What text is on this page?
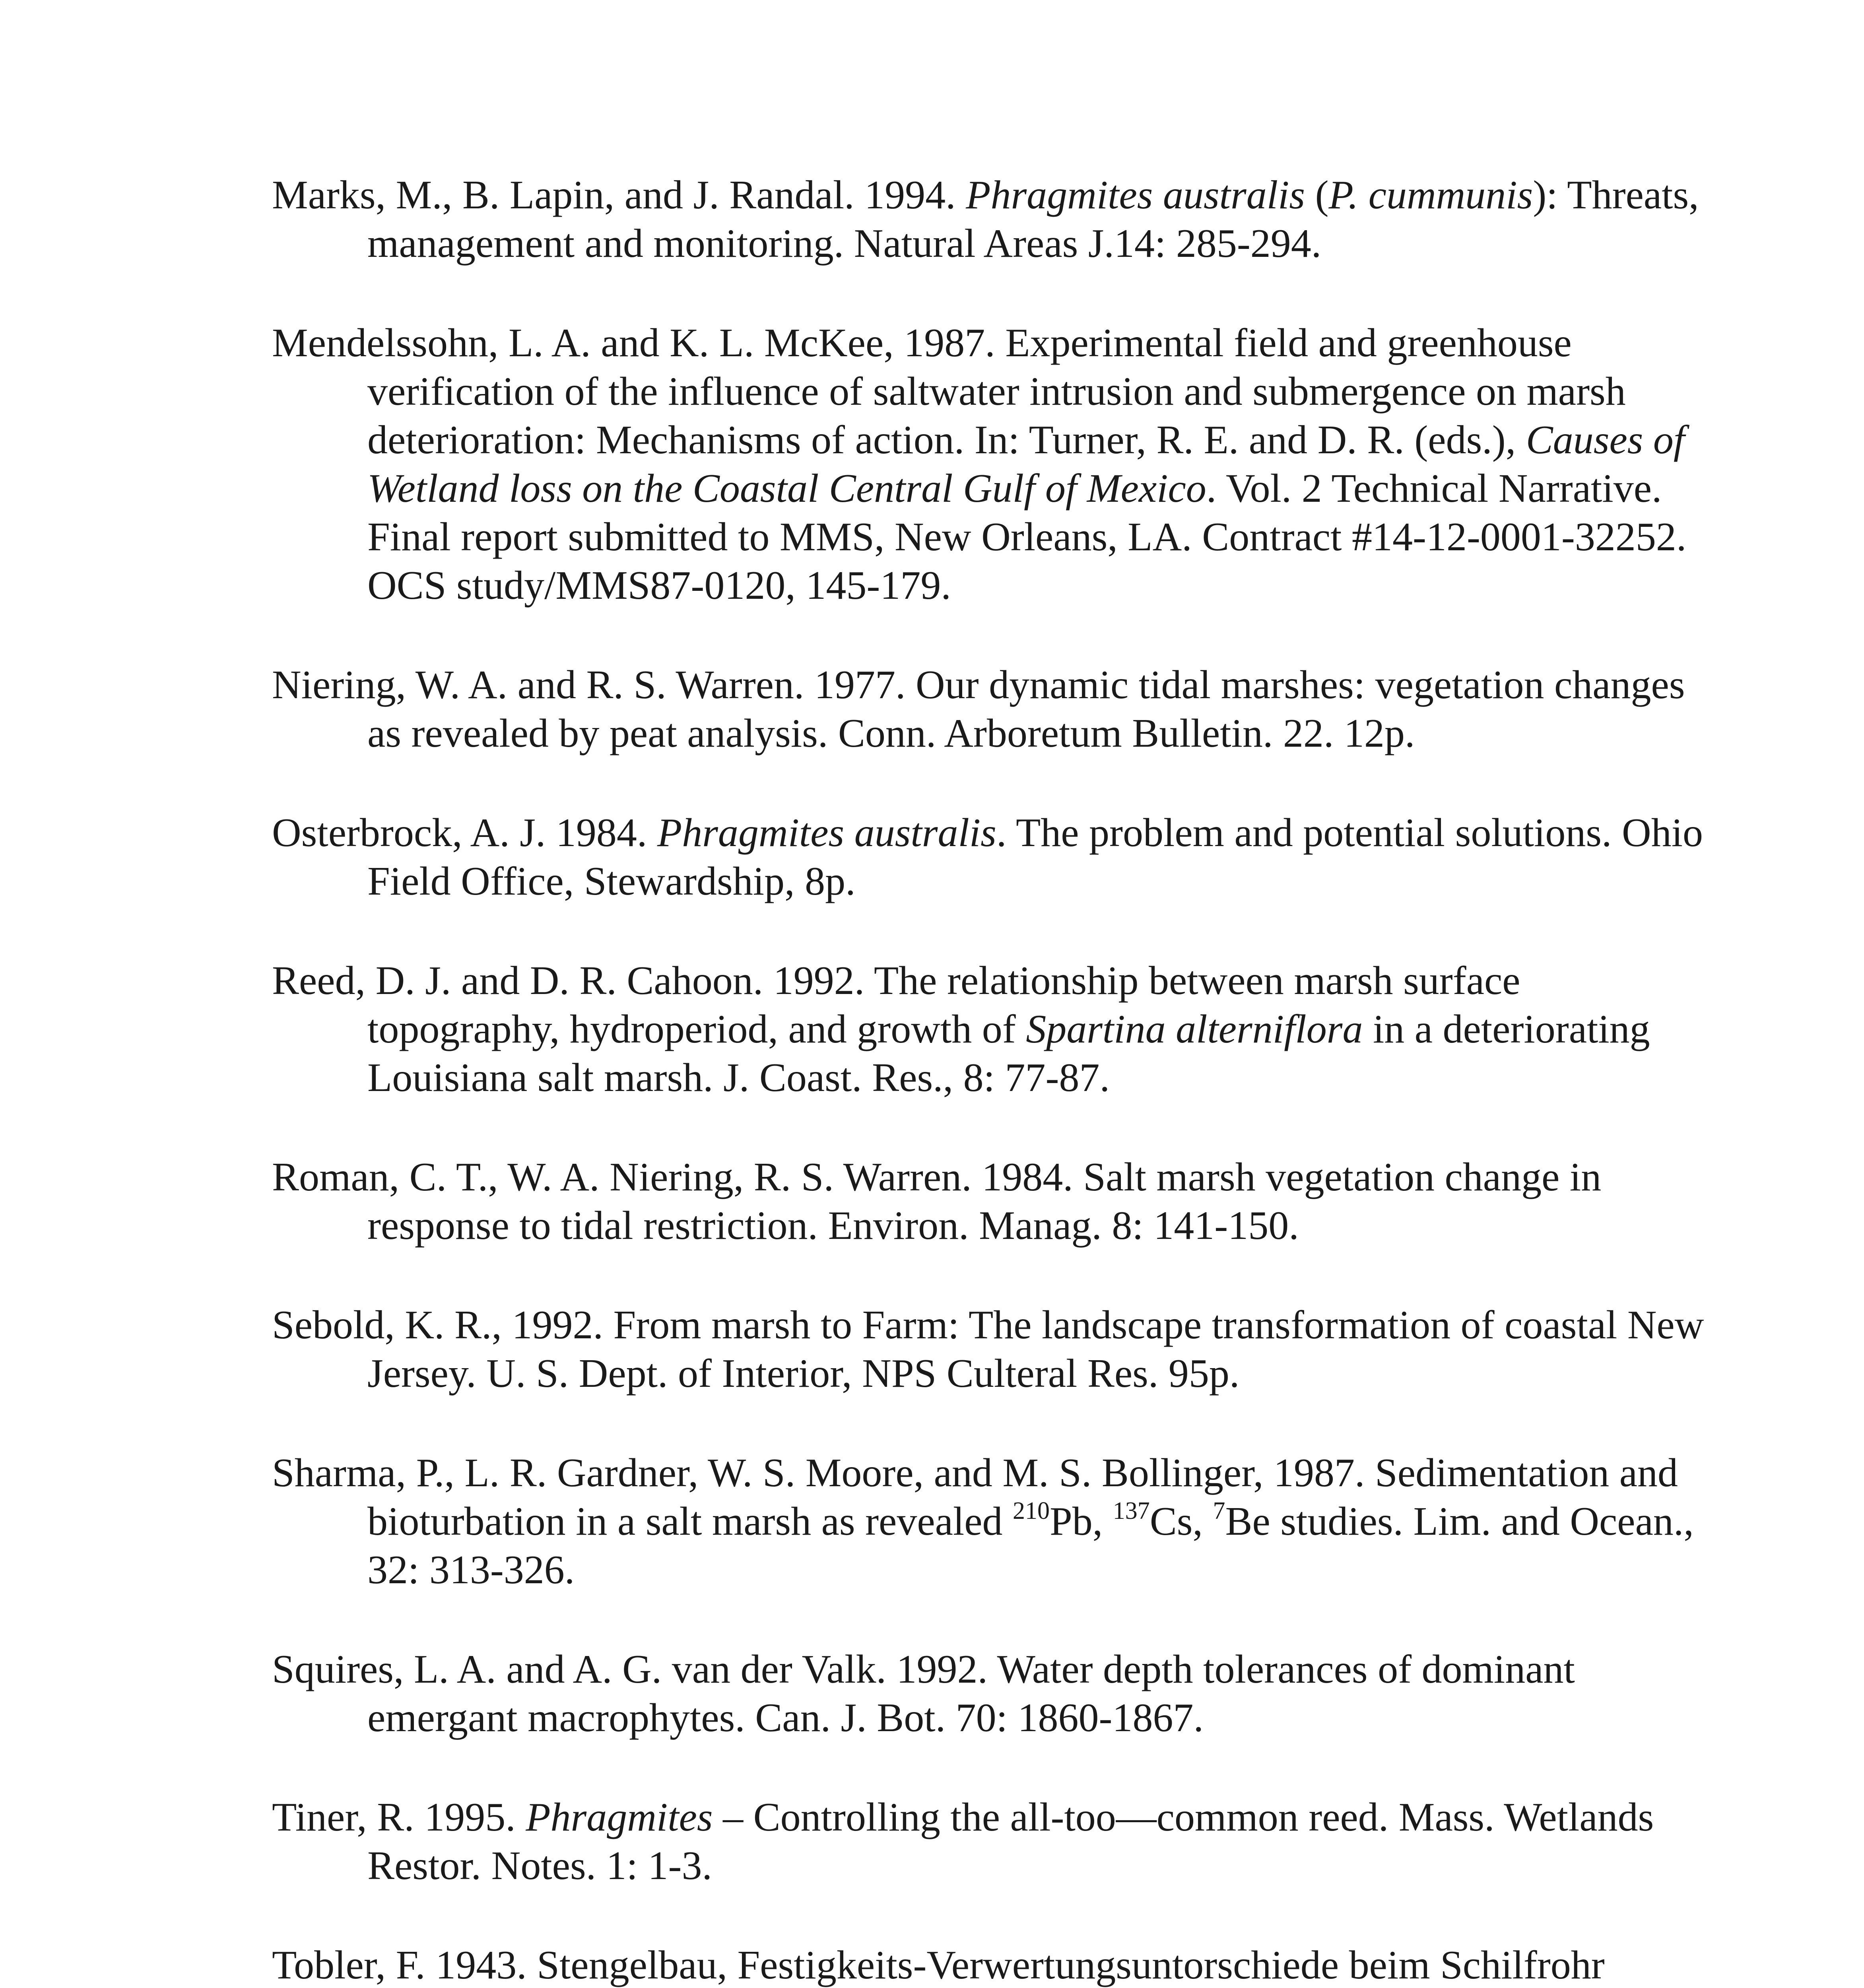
Marks, M., B. Lapin, and J. Randal. 1994. Phragmites australis (P. cummunis): Threats, management and monitoring. Natural Areas J.14: 285-294.
Mendelssohn, L. A. and K. L. McKee, 1987. Experimental field and greenhouse verification of the influence of saltwater intrusion and submergence on marsh deterioration: Mechanisms of action. In: Turner, R. E. and D. R. (eds.), Causes of Wetland loss on the Coastal Central Gulf of Mexico. Vol. 2 Technical Narrative. Final report submitted to MMS, New Orleans, LA. Contract #14-12-0001-32252. OCS study/MMS87-0120, 145-179.
Niering, W. A. and R. S. Warren. 1977. Our dynamic tidal marshes: vegetation changes as revealed by peat analysis. Conn. Arboretum Bulletin. 22. 12p.
Osterbrock, A. J. 1984. Phragmites australis. The problem and potential solutions. Ohio Field Office, Stewardship, 8p.
Reed, D. J. and D. R. Cahoon. 1992. The relationship between marsh surface topography, hydroperiod, and growth of Spartina alterniflora in a deteriorating Louisiana salt marsh. J. Coast. Res., 8: 77-87.
Roman, C. T., W. A. Niering, R. S. Warren. 1984. Salt marsh vegetation change in response to tidal restriction. Environ. Manag. 8: 141-150.
Sebold, K. R., 1992. From marsh to Farm: The landscape transformation of coastal New Jersey. U. S. Dept. of Interior, NPS Culteral Res. 95p.
Sharma, P., L. R. Gardner, W. S. Moore, and M. S. Bollinger, 1987. Sedimentation and bioturbation in a salt marsh as revealed $^{210}$Pb, $^{137}$Cs, $^7$Be studies. Lim. and Ocean., 32: 313-326.
Squires, L. A. and A. G. van der Valk. 1992. Water depth tolerances of dominant emergant macrophytes. Can. J. Bot. 70: 1860-1867.
Tiner, R. 1995. Phragmites – Controlling the all-too—common reed. Mass. Wetlands Restor. Notes. 1: 1-3.
Tobler, F. 1943. Stengelbau, Festigkeits-Verwertungsuntorschiede beim Schilfrohr
